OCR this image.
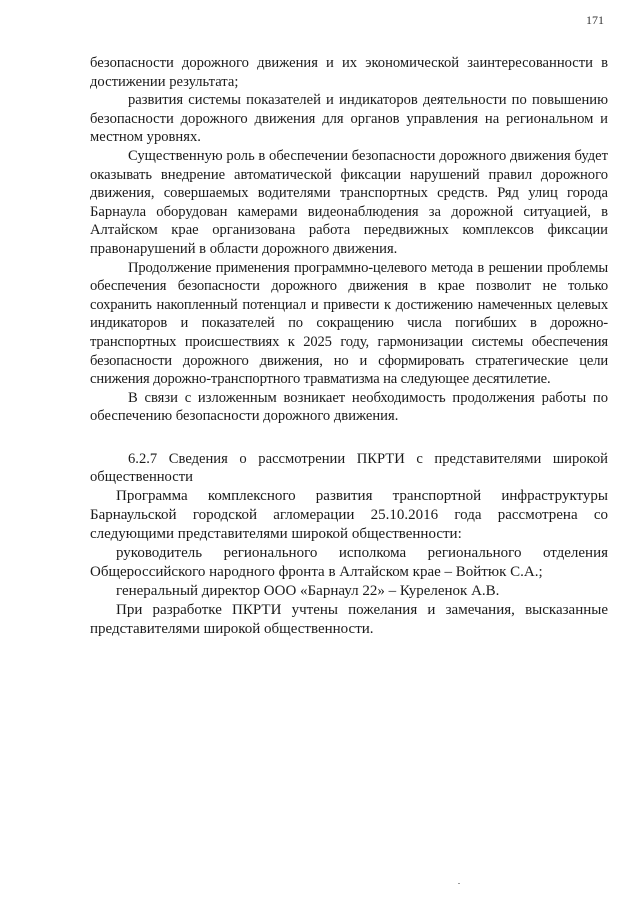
171

безопасности дорожного движения и их экономической заинтересованности в достижении результата;

развития системы показателей и индикаторов деятельности по повышению безопасности дорожного движения для органов управления на региональном и местном уровнях.

Существенную роль в обеспечении безопасности дорожного движения будет оказывать внедрение автоматической фиксации нарушений правил дорожного движения, совершаемых водителями транспортных средств. Ряд улиц города Барнаула оборудован камерами видеонаблюдения за дорожной ситуацией, в Алтайском крае организована работа передвижных комплексов фиксации правонарушений в области дорожного движения.

Продолжение применения программно-целевого метода в решении проблемы обеспечения безопасности дорожного движения в крае позволит не только сохранить накопленный потенциал и привести к достижению намеченных целевых индикаторов и показателей по сокращению числа погибших в дорожно-транспортных происшествиях к 2025 году, гармонизации системы обеспечения безопасности дорожного движения, но и сформировать стратегические цели снижения дорожно-транспортного травматизма на следующее десятилетие.

В связи с изложенным возникает необходимость продолжения работы по обеспечению безопасности дорожного движения.

6.2.7 Сведения о рассмотрении ПКРТИ с представителями широкой общественности

Программа комплексного развития транспортной инфраструктуры Барнаульской городской агломерации 25.10.2016 года рассмотрена со следующими представителями широкой общественности:

руководитель регионального исполкома регионального отделения Общероссийского народного фронта в Алтайском крае – Войтюк С.А.;

генеральный директор ООО «Барнаул 22» – Куреленок А.В.

При разработке ПКРТИ учтены пожелания и замечания, высказанные представителями широкой общественности.
